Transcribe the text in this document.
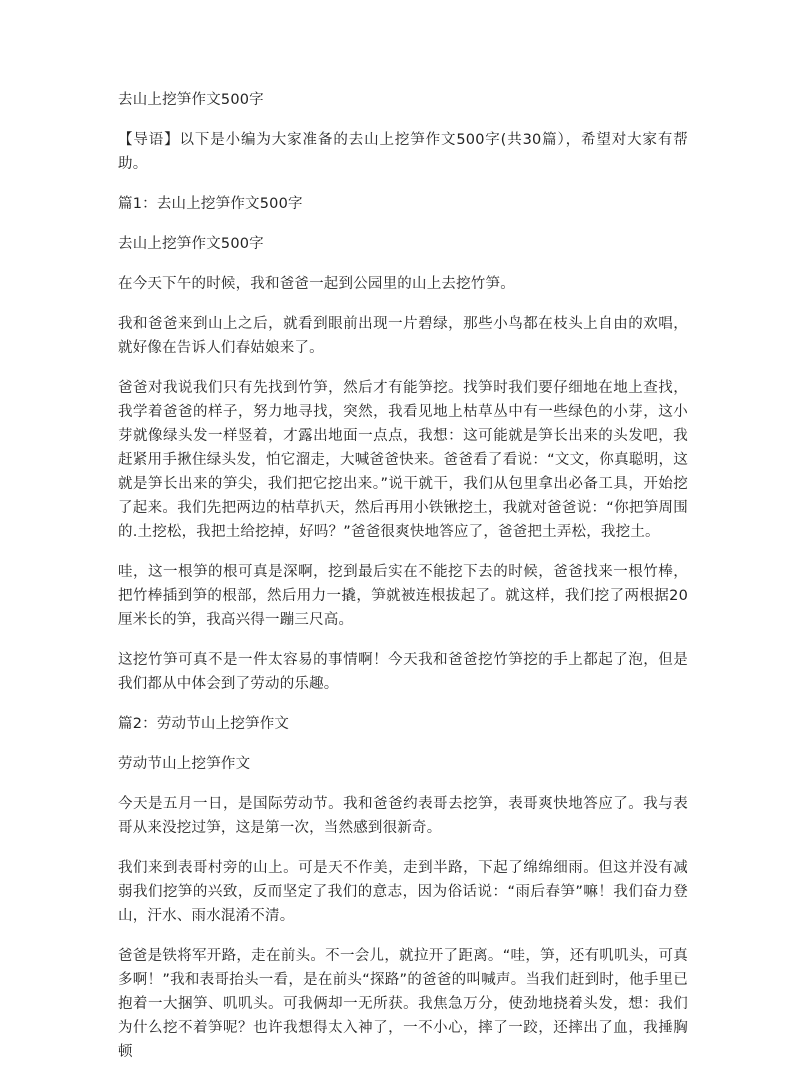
去山上挖笋作文500字

【导语】以下是小编为大家准备的去山上挖笋作文500字(共30篇），希望对大家有帮助。

篇1：去山上挖笋作文500字

去山上挖笋作文500字

在今天下午的时候，我和爸爸一起到公园里的山上去挖竹笋。

我和爸爸来到山上之后，就看到眼前出现一片碧绿，那些小鸟都在枝头上自由的欢唱，就好像在告诉人们春姑娘来了。

爸爸对我说我们只有先找到竹笋，然后才有能笋挖。找笋时我们要仔细地在地上查找，我学着爸爸的样子，努力地寻找，突然，我看见地上枯草丛中有一些绿色的小芽，这小芽就像绿头发一样竖着，才露出地面一点点，我想：这可能就是笋长出来的头发吧，我赶紧用手揪住绿头发，怕它溜走，大喊爸爸快来。爸爸看了看说：“文文，你真聪明，这就是笋长出来的笋尖，我们把它挖出来。”说干就干，我们从包里拿出必备工具，开始挖了起来。我们先把两边的枯草扒天，然后再用小铁锹挖土，我就对爸爸说：“你把笋周围的.土挖松，我把土给挖掉，好吗？”爸爸很爽快地答应了，爸爸把土弄松，我挖土。

哇，这一根笋的根可真是深啊，挖到最后实在不能挖下去的时候，爸爸找来一根竹棒，把竹棒插到笋的根部，然后用力一撬，笋就被连根拔起了。就这样，我们挖了两根据20厘米长的笋，我高兴得一蹦三尺高。

这挖竹笋可真不是一件太容易的事情啊！今天我和爸爸挖竹笋挖的手上都起了泡，但是我们都从中体会到了劳动的乐趣。

篇2：劳动节山上挖笋作文

劳动节山上挖笋作文

今天是五月一日，是国际劳动节。我和爸爸约表哥去挖笋，表哥爽快地答应了。我与表哥从来没挖过笋，这是第一次，当然感到很新奇。

我们来到表哥村旁的山上。可是天不作美，走到半路，下起了绵绵细雨。但这并没有减弱我们挖笋的兴致，反而坚定了我们的意志，因为俗话说：“雨后春笋”嘛！我们奋力登山，汗水、雨水混淆不清。

爸爸是铁将军开路，走在前头。不一会儿，就拉开了距离。“哇，笋，还有叽叽头，可真多啊！”我和表哥抬头一看，是在前头“探路”的爸爸的叫喊声。当我们赶到时，他手里已抱着一大捆笋、叽叽头。可我俩却一无所获。我焦急万分，使劲地挠着头发，想：我们为什么挖不着笋呢？也许我想得太入神了，一不小心，摔了一跤，还摔出了血，我捶胸顿
